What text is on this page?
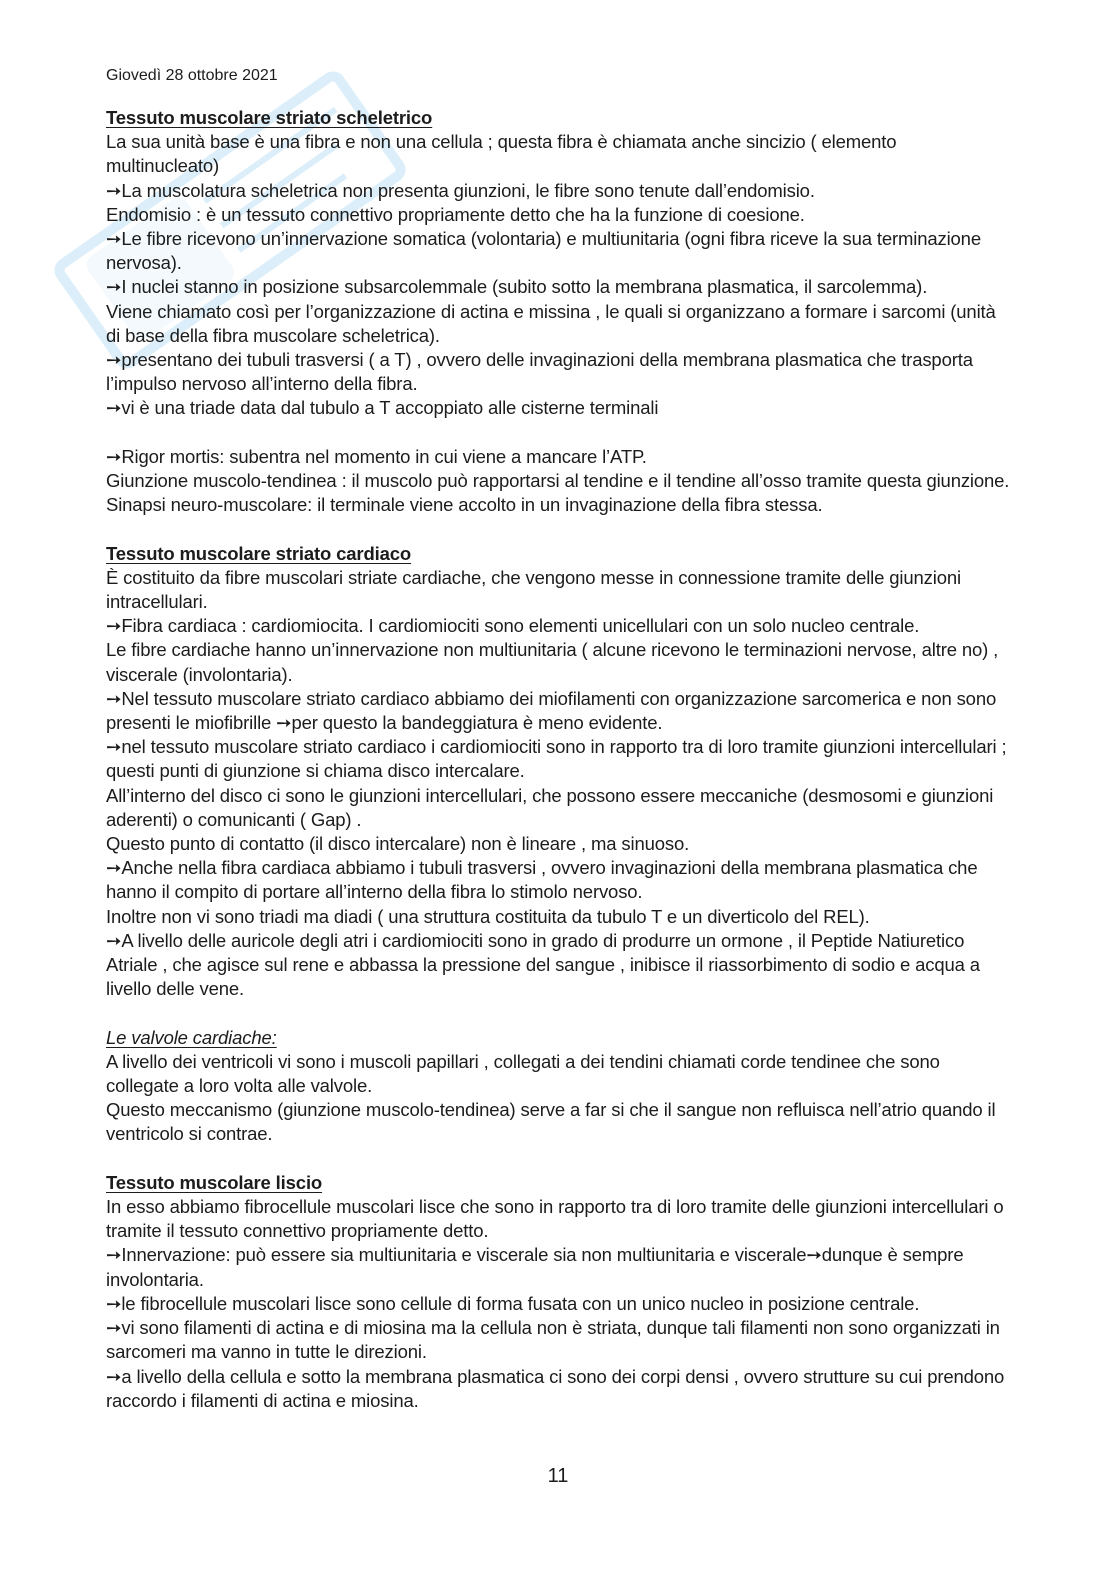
Giovedì 28 ottobre 2021
Tessuto muscolare striato scheletrico
La sua unità base è una fibra e non una cellula ; questa fibra è chiamata anche sincizio ( elemento multinucleato)
➙La muscolatura scheletrica non presenta giunzioni, le fibre sono tenute dall’endomisio.
Endomisio : è un tessuto connettivo propriamente detto che ha la funzione di coesione.
➙Le fibre ricevono un’innervazione somatica (volontaria) e multiunitaria (ogni fibra riceve la sua terminazione nervosa).
➙I nuclei stanno in posizione subsarcolemmale (subito sotto la membrana plasmatica, il sarcolemma).
Viene chiamato così per l’organizzazione di actina e missina , le quali si organizzano a formare i sarcomi (unità di base della fibra muscolare scheletrica).
➙presentano dei tubuli trasversi ( a T) , ovvero delle invaginazioni della membrana plasmatica che trasporta l’impulso nervoso all’interno della fibra.
➙vi è una triade data dal tubulo a T accoppiato alle cisterne terminali
➙Rigor mortis: subentra nel momento in cui viene a mancare l’ATP.
Giunzione muscolo-tendinea : il muscolo può rapportarsi al tendine e il tendine all’osso tramite questa giunzione.
Sinapsi neuro-muscolare: il terminale viene accolto in un invaginazione della fibra stessa.
Tessuto muscolare striato cardiaco
È costituito da fibre muscolari striate cardiache, che vengono messe in connessione tramite delle giunzioni intracellulari.
➙Fibra cardiaca : cardiomiocita. I cardiomiociti sono elementi unicellulari con un solo nucleo centrale.
Le fibre cardiache hanno un’innervazione non multiunitaria ( alcune ricevono le terminazioni nervose, altre no) , viscerale (involontaria).
➙Nel tessuto muscolare striato cardiaco abbiamo dei miofilamenti con organizzazione sarcomerica e non sono presenti le miofibrille ➙per questo la bandeggiatura è meno evidente.
➙nel tessuto muscolare striato cardiaco i cardiomiociti sono in rapporto tra di loro tramite giunzioni intercellulari ; questi punti di giunzione si chiama disco intercalare.
All’interno del disco ci sono le giunzioni intercellulari, che possono essere meccaniche (desmosomi e giunzioni aderenti) o comunicanti ( Gap) .
Questo punto di contatto (il disco intercalare) non è lineare , ma sinuoso.
➙Anche nella fibra cardiaca abbiamo i tubuli trasversi , ovvero invaginazioni della membrana plasmatica che hanno il compito di portare all’interno della fibra lo stimolo nervoso.
Inoltre non vi sono triadi ma diadi ( una struttura costituita da tubulo T e un diverticolo del REL).
➙A livello delle auricole degli atri i cardiomiociti sono in grado di produrre un ormone , il Peptide Natiuretico Atriale , che agisce sul rene e abbassa la pressione del sangue , inibisce il riassorbimento di sodio e acqua a livello delle vene.
Le valvole cardiache:
A livello dei ventricoli vi sono i muscoli papillari , collegati a dei tendini chiamati corde tendinee che sono collegate a loro volta alle valvole.
Questo meccanismo (giunzione muscolo-tendinea) serve a far si che il sangue non refluisca nell’atrio quando il ventricolo si contrae.
Tessuto muscolare liscio
In esso abbiamo fibrocellule muscolari lisce che sono in rapporto tra di loro tramite delle giunzioni intercellulari o tramite il tessuto connettivo propriamente detto.
➙Innervazione: può essere sia multiunitaria e viscerale sia non multiunitaria e viscerale➙dunque è sempre involontaria.
➙le fibrocellule muscolari lisce sono cellule di forma fusata con un unico nucleo in posizione centrale.
➙vi sono filamenti di actina e di miosina ma la cellula non è striata, dunque tali filamenti non sono organizzati in sarcomeri ma vanno in tutte le direzioni.
➙a livello della cellula e sotto la membrana plasmatica ci sono dei corpi densi , ovvero strutture su cui prendono raccordo i filamenti di actina e miosina.
11
